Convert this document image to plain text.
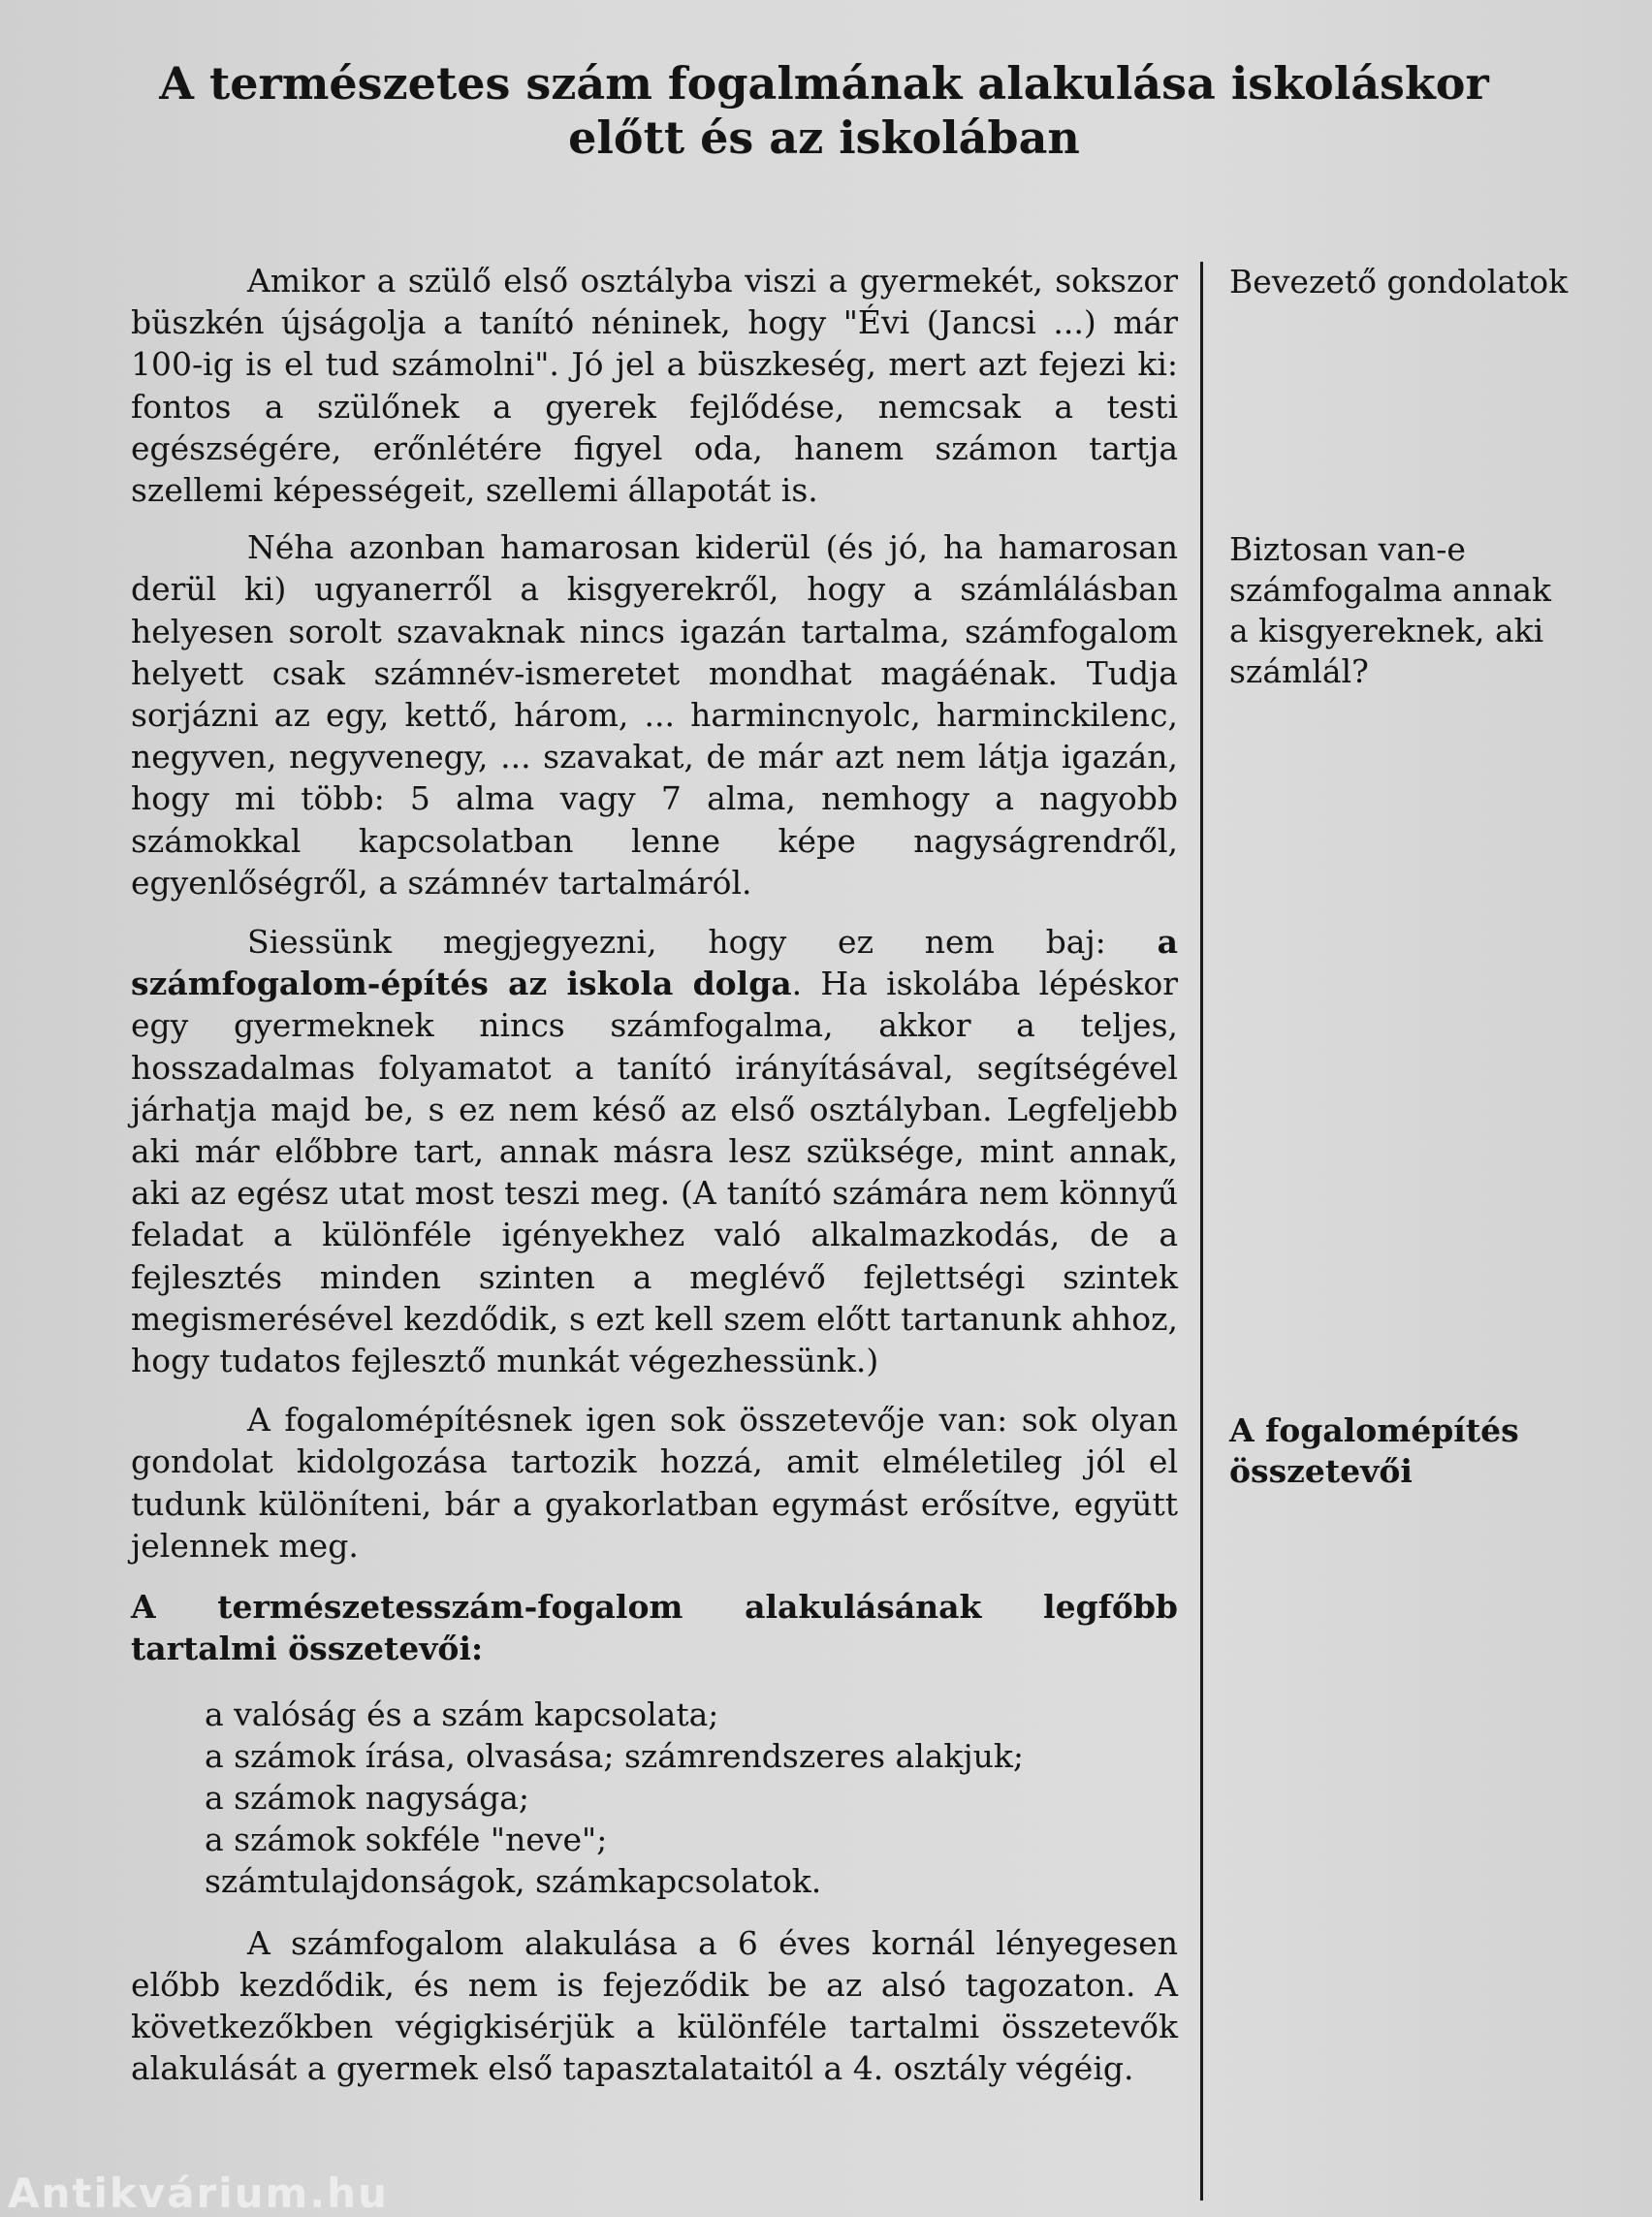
A természetes szám fogalmának alakulása iskoláskor előtt és az iskolában

Amikor a szülő első osztályba viszi a gyermekét, sokszor büszkén újságolja a tanító néninek, hogy "Évi (Jancsi ...) már 100-ig is el tud számolni". Jó jel a büszkeség, mert azt fejezi ki: fontos a szülőnek a gyerek fejlődése, nemcsak a testi egészségére, erőnlétére figyel oda, hanem számon tartja szellemi képességeit, szellemi állapotát is.

Néha azonban hamarosan kiderül (és jó, ha hamarosan derül ki) ugyanerről a kisgyerekről, hogy a számlálásban helyesen sorolt szavaknak nincs igazán tartalma, számfogalom helyett csak számnév-ismeretet mondhat magáénak. Tudja sorjázni az egy, kettő, három, ... harmincnyolc, harminckilenc, negyven, negyvenegy, ... szavakat, de már azt nem látja igazán, hogy mi több: 5 alma vagy 7 alma, nemhogy a nagyobb számokkal kapcsolatban lenne képe nagyságrendről, egyenlőségről, a számnév tartalmáról.

Siessünk megjegyezni, hogy ez nem baj: a számfogalom-építés az iskola dolga. Ha iskolába lépéskor egy gyermeknek nincs számfogalma, akkor a teljes, hosszadalmas folyamatot a tanító irányításával, segítségével járhatja majd be, s ez nem késő az első osztályban. Legfeljebb aki már előbbre tart, annak másra lesz szüksége, mint annak, aki az egész utat most teszi meg. (A tanító számára nem könnyű feladat a különféle igényekhez való alkalmazkodás, de a fejlesztés minden szinten a meglévő fejlettségi szintek megismerésével kezdődik, s ezt kell szem előtt tartanunk ahhoz, hogy tudatos fejlesztő munkát végezhessünk.)

A fogalomépítésnek igen sok összetevője van: sok olyan gondolat kidolgozása tartozik hozzá, amit elméletileg jól el tudunk különíteni, bár a gyakorlatban egymást erősítve, együtt jelennek meg.

A természetesszám-fogalom alakulásának legfőbb tartalmi összetevői:

a valóság és a szám kapcsolata;
a számok írása, olvasása; számrendszeres alakjuk;
a számok nagysága;
a számok sokféle "neve";
számtulajdonságok, számkapcsolatok.

A számfogalom alakulása a 6 éves kornál lényegesen előbb kezdődik, és nem is fejeződik be az alsó tagozaton. A következőkben végigkisérjük a különféle tartalmi összetevők alakulását a gyermek első tapasztalataitól a 4. osztály végéig.

Bevezető gondolatok

Biztosan van-e számfogalma annak a kisgyereknek, aki számlál?

A fogalomépítés összetevői

Antikvárium.hu
